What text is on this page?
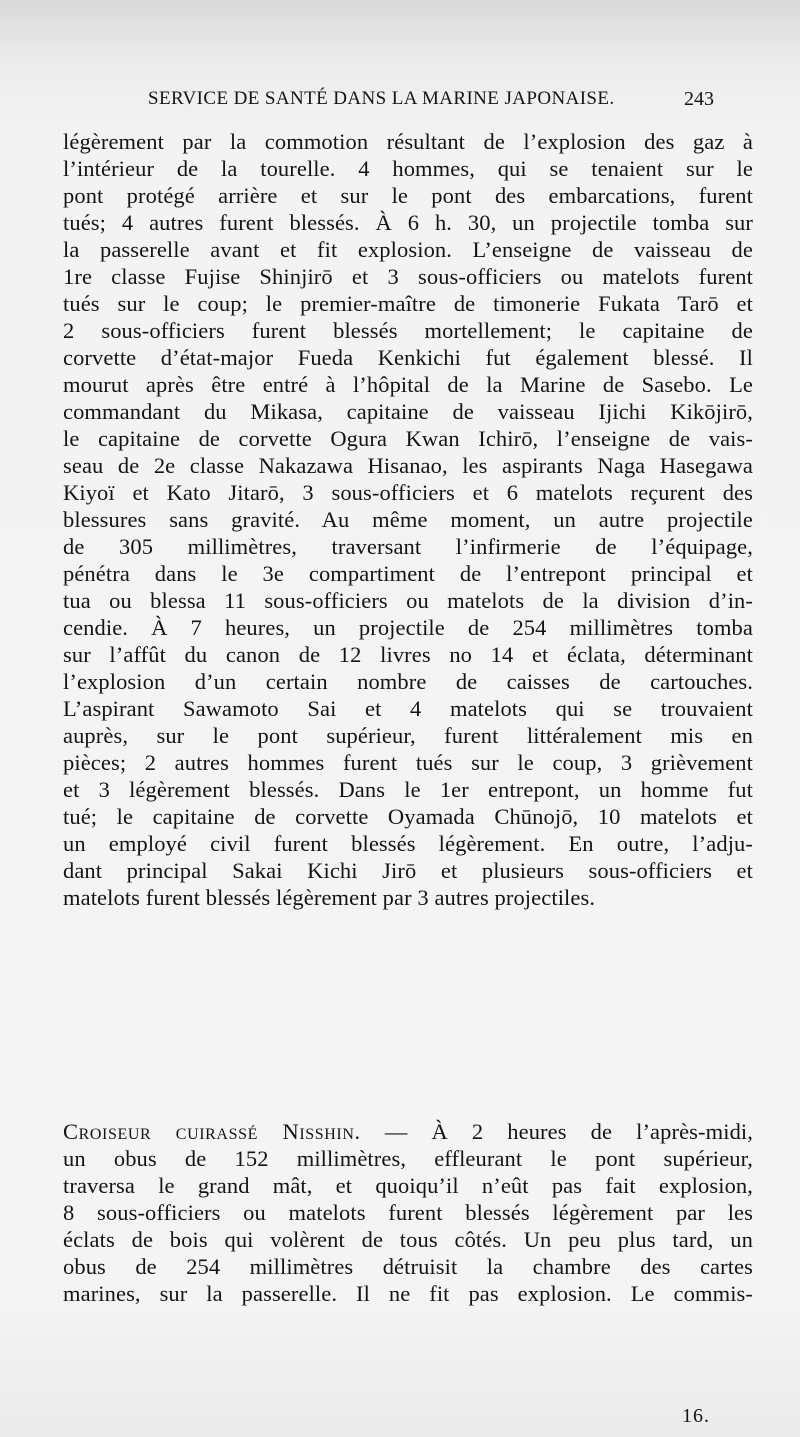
SERVICE DE SANTÉ DANS LA MARINE JAPONAISE.	243
légèrement par la commotion résultant de l’explosion des gaz à
l’intérieur de la tourelle. 4 hommes, qui se tenaient sur le
pont protégé arrière et sur le pont des embarcations, furent
tués; 4 autres furent blessés. À 6 h. 30, un projectile tomba sur
la passerelle avant et fit explosion. L’enseigne de vaisseau de
1re classe Fujise Shinjirō et 3 sous-officiers ou matelots furent
tués sur le coup; le premier-maître de timonerie Fukata Tarō et
2 sous-officiers furent blessés mortellement; le capitaine de
corvette d’état-major Fueda Kenkichi fut également blessé. Il
mourut après être entré à l’hôpital de la Marine de Sasebo. Le
commandant du Mikasa, capitaine de vaisseau Ijichi Kikōjirō,
le capitaine de corvette Ogura Kwan Ichirō, l’enseigne de vais-
seau de 2e classe Nakazawa Hisanao, les aspirants Naga Hasegawa
Kiyoï et Kato Jitarō, 3 sous-officiers et 6 matelots reçurent des
blessures sans gravité. Au même moment, un autre projectile
de 305 millimètres, traversant l’infirmerie de l’équipage,
pénétra dans le 3e compartiment de l’entrepont principal et
tua ou blessa 11 sous-officiers ou matelots de la division d’in-
cendie. À 7 heures, un projectile de 254 millimètres tomba
sur l’affût du canon de 12 livres no 14 et éclata, déterminant
l’explosion d’un certain nombre de caisses de cartouches.
L’aspirant Sawamoto Sai et 4 matelots qui se trouvaient
auprès, sur le pont supérieur, furent littéralement mis en
pièces; 2 autres hommes furent tués sur le coup, 3 grièvement
et 3 légèrement blessés. Dans le 1er entrepont, un homme fut
tué; le capitaine de corvette Oyamada Chūnojō, 10 matelots et
un employé civil furent blessés légèrement. En outre, l’adju-
dant principal Sakai Kichi Jirō et plusieurs sous-officiers et
matelots furent blessés légèrement par 3 autres projectiles.
Croiseur cuirassé Nisshin. — À 2 heures de l’après-midi,
un obus de 152 millimètres, effleurant le pont supérieur,
traversa le grand mât, et quoiqu’il n’eût pas fait explosion,
8 sous-officiers ou matelots furent blessés légèrement par les
éclats de bois qui volèrent de tous côtés. Un peu plus tard, un
obus de 254 millimètres détruisit la chambre des cartes
marines, sur la passerelle. Il ne fit pas explosion. Le commis-
16.
